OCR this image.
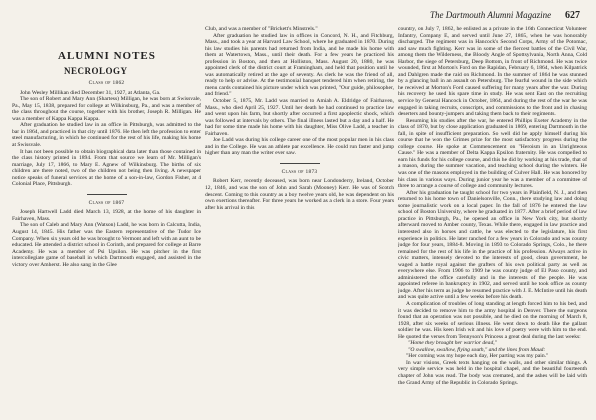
The Dartmouth Alumni Magazine 627
ALUMNI NOTES
NECROLOGY
Class of 1862

John Wesley Millikan died December 31, 1927, at Atlanta, Ga.

The son of Robert and Mary Ann (Shartess) Milligan, he was born at Swissvale, Pa., May 15, 1838, prepared for college at Wilkinsburg, Pa., and was a member of the class throughout the course, together with his brother, Joseph R. Milligan. He was a member of Kappa Kappa Kappa.

After graduation he studied law in an office in Pittsburgh, was admitted to the bar in 1864, and practiced in that city until 1876. He then left the profession to enter steel manufacturing, in which he continued for the rest of his life, making his home at Swissvale.

It has not been possible to obtain biographical data later than those contained in the class history printed in 1894. From that source we learn of Mr. Milligan's marriage, July 17, 1866, to Mary E. Agnew of Wilkinsburg. The births of six children are there noted, two of the children not being then living. A newspaper notice speaks of funeral services at the home of a son-in-law, Gordon Fisher, at 4 Colonial Place, Pittsburgh.

Class of 1867

Joseph Hartwell Ladd died March 13, 1928, at the home of his daughter in Fairhaven, Mass.

The son of Caleb and Mary Ann (Watson) Ladd, he was born in Calcutta, India, August 14, 1845. His father was the Eastern representative of the Tudor Ice Company. When six years old he was brought to Vermont and left with an aunt to be educated. He attended a district school in Corinth, and prepared for college at Barre Academy. He was a member of Psi Upsilon. He was pitcher in the first intercollegiate game of baseball in which Dartmouth engaged, and assisted in the victory over Amherst. He also sang in the Glee

Club, and was a member of "Brickett's Minstrels."

After graduation he studied law in offices in Concord, N. H., and Fitchburg, Mass., and took a year at Harvard Law School, where he graduated in 1870. During his law studies his parents had returned from India, and he made his home with them at Watertown, Mass., until their death. For a few years he practiced his profession in Boston, and then at Holliston, Mass. August 20, 1880, he was appointed clerk of the district court at Framingham, and held that position until he was automatically retired at the age of seventy. As clerk he was the friend of all, ready to help or advise. At the testimonial banquet tendered him when retiring, the menu cards contained his picture under which was printed, "Our guide, philosopher, and friend."

October 5, 1875, Mr. Ladd was married to Amiah A. Eldridge of Fairhaven, Mass., who died April 25, 1927. Until her death he had continued to practice law and went upon his farm, but shortly after occurred a first apoplectic shock, which was followed at intervals by others. The final illness lasted but a day and a half. He had for some time made his home with his daughter, Miss Olive Ladd, a teacher in Fairhaven.

Joe Ladd was during his college career one of the most popular men in his class and in the College. He was an athlete par excellence. He could run faster and jump higher than any man the writer ever saw.

Class of 1873

Robert Kerr, recently deceased, was born near Londonderry, Ireland, October 12, 1846, and was the son of John and Sarah (Mooney) Kerr. He was of Scotch descent. Coming to this country as a boy twelve years old, he was dependent on his own exertions thereafter. For three years he worked as a clerk in a store. Four years after his arrival in this

country, on July 7, 1862, he enlisted as a private in the 16th Connecticut Volunteer Infantry, Company E, and served until June 27, 1865, when he was honorably discharged. The regiment was in Hancock's Second Corps, Army of the Potomac, and saw much fighting. Kerr was in some of the fiercest battles of the Civil War, among them the Wilderness, the Bloody Angle of Spottsylvania, North Anna, Cold Harbor, the siege of Petersburg, Deep Bottom, in front of Richmond. He was twice wounded, first at Morton's Ford on the Rapidan, February 6, 1864, when Kilpatrick and Dahlgren made the raid on Richmond. In the summer of 1864 he was stunned by a glancing ball in an assault on Petersburg. The fearful wound in the side which he received at Morton's Ford caused suffering for many years after the war. During his recovery he used his spare time in study. He was sent East on the recruiting service by General Hancock in October, 1864, and during the rest of the war he was engaged in taking recruits, conscripts, and commissions to the front and in chasing deserters and bounty-jumpers and taking them back to their regiments.

Resuming his studies after the war, he entered Phillips Exeter Academy in the class of 1870, but by close application graduated in 1869, entering Dartmouth in the fall, in spite of insufficient preparation. So well did he apply himself during his course that he won the Grimes prize for the most satisfactory progress during the college course. He spoke at Commencement on "Heroism in an Unrighteous Cause." He was a member of Delta Kappa Epsilon fraternity. He was compelled to earn his funds for his college course, and this he did by working at his trade, that of a mason, during the summer vacation, and teaching school during the winters. He was one of the masons employed in the building of Culver Hall. He was honored by his class in various ways. During junior year he was a member of a committee of three to arrange a course of college and community lectures.

After his graduation he taught school for two years in Plainfield, N. J., and then returned to his home town of Danielsonville, Conn., there studying law and doing some journalistic work on a local paper. In the fall of 1876 he entered the law school of Boston University, where he graduated in 1877. After a brief period of law practice in Pittsburgh, Pa., he opened an office in New York city, but shortly afterward moved to Amber county, Texas. While there, engaged in law practice and interested also in horses and cattle, he was elected to the legislature, his first experience in politics. He later ranched for a few years in Colorado and was county judge for four years, 1884-8. Moving in 1893 to Colorado Springs, Colo., he there remained for the rest of his life in the practice of his profession. Always active in civic matters, intensely devoted to the interests of good, clean government, he waged a battle royal against the grafters of his own political party as well as everywhere else. From 1906 to 1909 he was county judge of El Paso county, and administered the office carefully and in the interests of the people. He was appointed referee in bankruptcy in 1902, and served until he took office as county judge. After his term as judge he resumed practice with J. E. McIntire until his death and was quite active until a few weeks before his death.

A complication of troubles of long standing at length forced him to his bed, and it was decided to remove him to the army hospital in Denver. There the surgeons found that an operation was not possible, and he died on the morning of March 8, 1928, after six weeks of serious illness. He went down to death like the gallant soldier he was. His keen Irish wit and his love of poetry were with him to the end. He quoted the verses from Tennyson's Princess a great deal during the last weeks:

"Home they brought her warrior dead,"
"O swallow, swallow, flying south," and the lines from Maud:

"Her coming was my hope each day, Her parting was my pain."

In war visions, Greek texts hanging on the walls, and other similar things. A very simple service was held in the hospital chapel, and the beautiful fourteenth chapter of John was read. The body was cremated, and the ashes will be laid with the Grand Army of the Republic in Colorado Springs.
